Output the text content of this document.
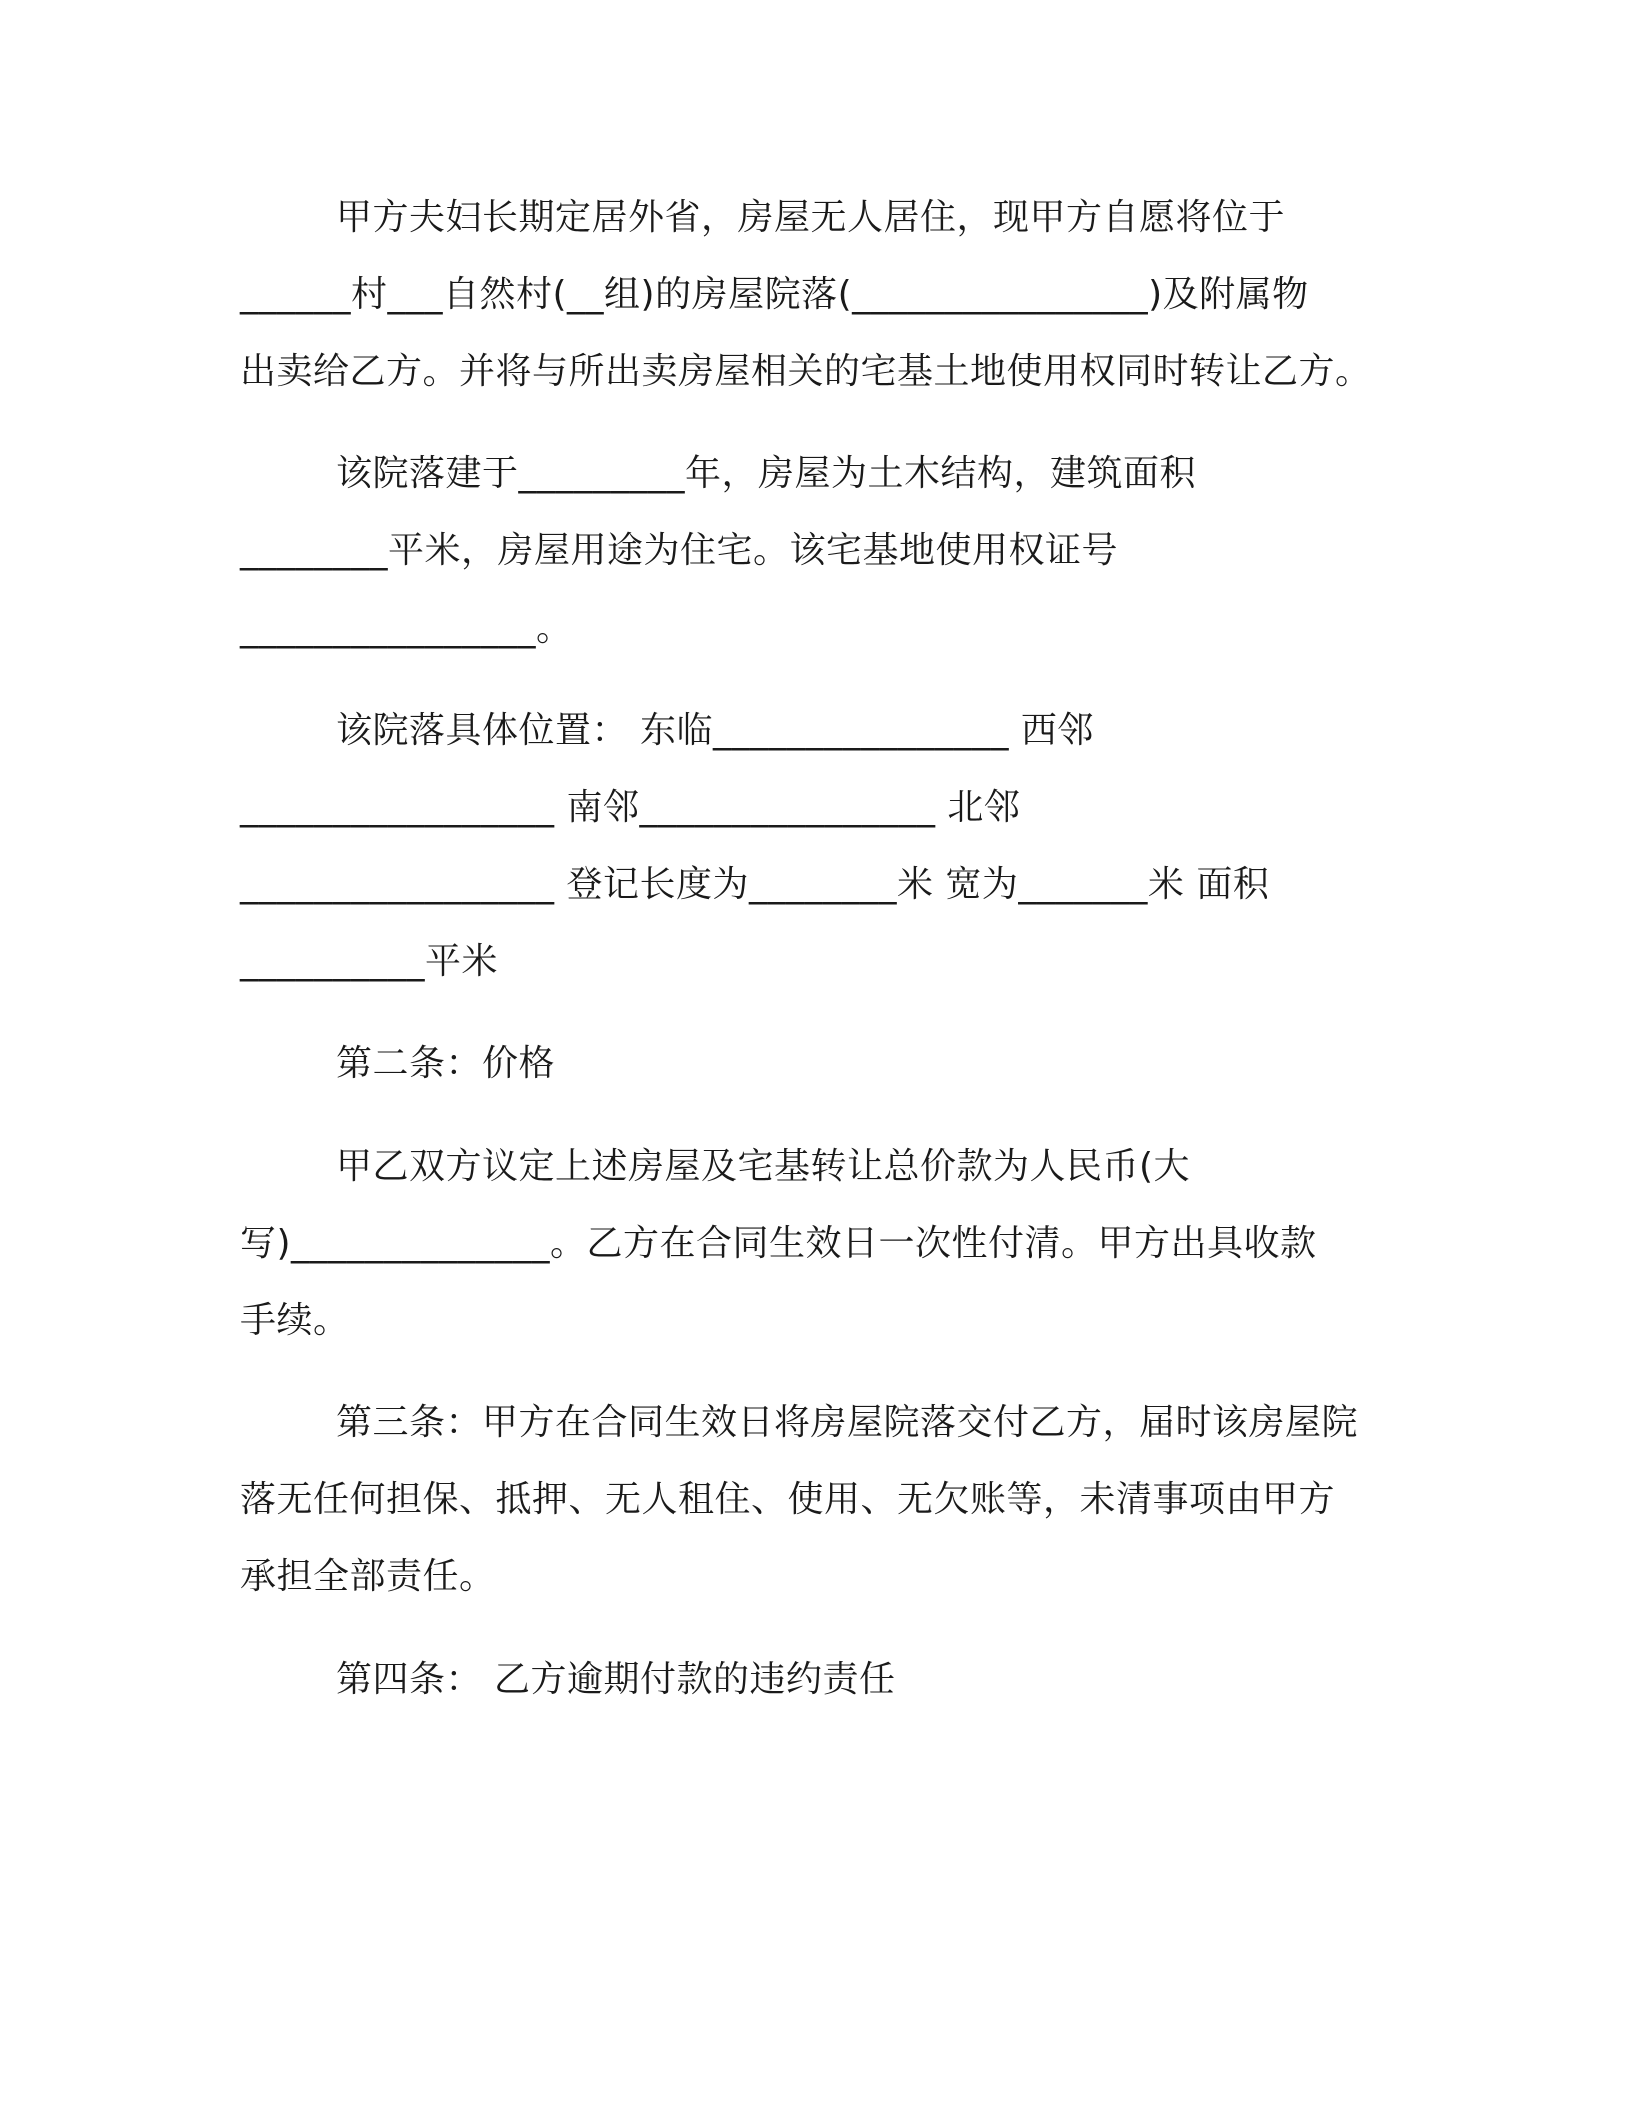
甲方夫妇长期定居外省，房屋无人居住，现甲方自愿将位于
______村___自然村(__组)的房屋院落(________________)及附属物
出卖给乙方。并将与所出卖房屋相关的宅基土地使用权同时转让乙方。
该院落建于_________年，房屋为土木结构，建筑面积
________平米，房屋用途为住宅。该宅基地使用权证号
________________。
该院落具体位置： 东临________________ 西邻
_________________ 南邻________________ 北邻
_________________ 登记长度为________米 宽为_______米 面积
__________平米
第二条：价格
甲乙双方议定上述房屋及宅基转让总价款为人民币(大
写)______________。乙方在合同生效日一次性付清。甲方出具收款
手续。
第三条：甲方在合同生效日将房屋院落交付乙方，届时该房屋院
落无任何担保、抵押、无人租住、使用、无欠账等，未清事项由甲方
承担全部责任。
第四条： 乙方逾期付款的违约责任
